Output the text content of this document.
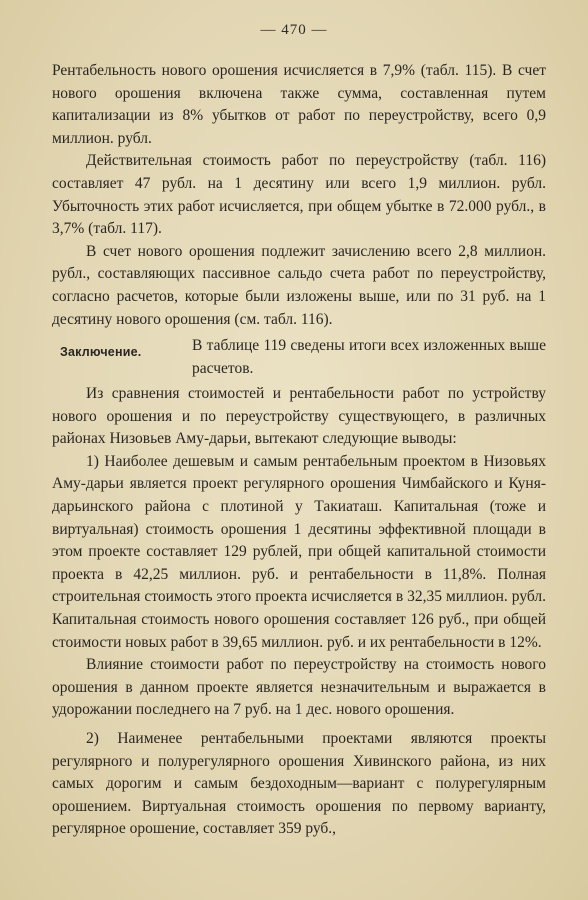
— 470 —

Рентабельность нового орошения исчисляется в 7,9% (табл. 115). В счет нового орошения включена также сумма, составленная путем капитализации из 8% убытков от работ по переустройству, всего 0,9 миллион. рубл.

Действительная стоимость работ по переустройству (табл. 116) составляет 47 рубл. на 1 десятину или всего 1,9 миллион. рубл. Убыточность этих работ исчисляется, при общем убытке в 72.000 рубл., в 3,7% (табл. 117).

В счет нового орошения подлежит зачислению всего 2,8 миллион. рубл., составляющих пассивное сальдо счета работ по переустройству, согласно расчетов, которые были изложены выше, или по 31 руб. на 1 десятину нового орошения (см. табл. 116).

Заключение.	В таблице 119 сведены итоги всех изложенных выше расчетов.

Из сравнения стоимостей и рентабельности работ по устройству нового орошения и по переустройству существующего, в различных районах Низовьев Аму-дарьи, вытекают следующие выводы:

1) Наиболее дешевым и самым рентабельным проектом в Низовьях Аму-дарьи является проект регулярного орошения Чимбайского и Куня-дарьинского района с плотиной у Такиаташ. Капитальная (тоже и виртуальная) стоимость орошения 1 десятины эффективной площади в этом проекте составляет 129 рублей, при общей капитальной стоимости проекта в 42,25 миллион. руб. и рентабельности в 11,8%. Полная строительная стоимость этого проекта исчисляется в 32,35 миллион. рубл. Капитальная стоимость нового орошения составляет 126 руб., при общей стоимости новых работ в 39,65 миллион. руб. и их рентабельности в 12%.

Влияние стоимости работ по переустройству на стоимость нового орошения в данном проекте является незначительным и выражается в удорожании последнего на 7 руб. на 1 дес. нового орошения.

2) Наименее рентабельными проектами являются проекты регулярного и полурегулярного орошения Хивинского района, из них самых дорогим и самым бездоходным—вариант с полурегулярным орошением. Виртуальная стоимость орошения по первому варианту, регулярное орошение, составляет 359 руб.,
